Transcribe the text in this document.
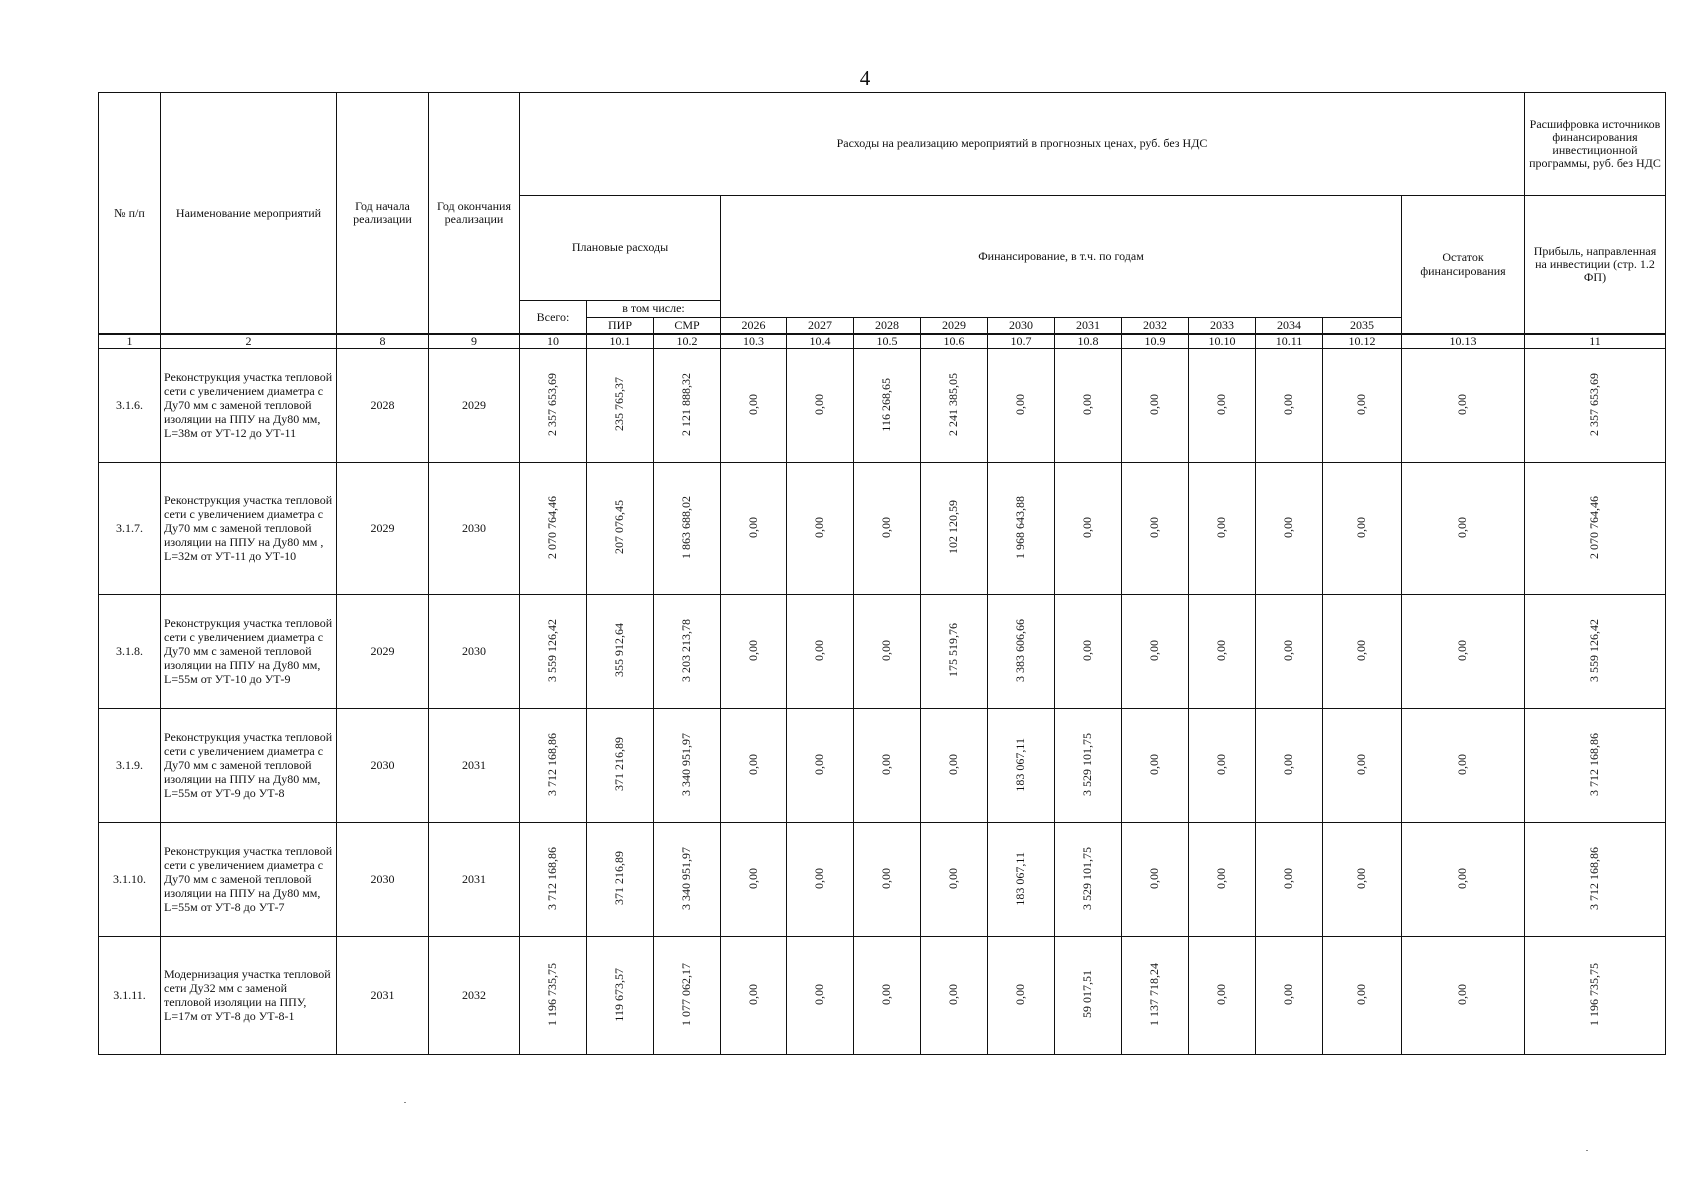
4
№ п/п	Наименование мероприятий	Год начала реализации	Год окончания реализации	Расходы на реализацию мероприятий в прогнозных ценах, руб. без НДС														Расшифровка источников финансирования инвестиционной программы, руб. без НДС
				Плановые расходы			Финансирование, в т.ч. по годам										Остаток финансирования	Прибыль, направленная на инвестиции (стр. 1.2 ФП)
				Всего:	в том числе:													
					ПИР	СМР	2026	2027	2028	2029	2030	2031	2032	2033	2034	2035		
1	2	8	9	10	10.1	10.2	10.3	10.4	10.5	10.6	10.7	10.8	10.9	10.10	10.11	10.12	10.13	11
3.1.6.	Реконструкция участка тепловой сети с увеличением диаметра с Ду70 мм с заменой тепловой изоляции на ППУ на Ду80 мм, L=38м от УТ-12 до УТ-11	2028	2029	2 357 653,69	235 765,37	2 121 888,32	0,00	0,00	116 268,65	2 241 385,05	0,00	0,00	0,00	0,00	0,00	0,00	0,00	2 357 653,69
3.1.7.	Реконструкция участка тепловой сети с увеличением диаметра с Ду70 мм с заменой тепловой изоляции на ППУ на Ду80 мм , L=32м от УТ-11 до УТ-10	2029	2030	2 070 764,46	207 076,45	1 863 688,02	0,00	0,00	0,00	102 120,59	1 968 643,88	0,00	0,00	0,00	0,00	0,00	0,00	2 070 764,46
3.1.8.	Реконструкция участка тепловой сети с увеличением диаметра с Ду70 мм с заменой тепловой изоляции на ППУ на Ду80 мм, L=55м от УТ-10 до УТ-9	2029	2030	3 559 126,42	355 912,64	3 203 213,78	0,00	0,00	0,00	175 519,76	3 383 606,66	0,00	0,00	0,00	0,00	0,00	0,00	3 559 126,42
3.1.9.	Реконструкция участка тепловой сети с увеличением диаметра с Ду70 мм с заменой тепловой изоляции на ППУ на Ду80 мм, L=55м от УТ-9 до УТ-8	2030	2031	3 712 168,86	371 216,89	3 340 951,97	0,00	0,00	0,00	0,00	183 067,11	3 529 101,75	0,00	0,00	0,00	0,00	0,00	3 712 168,86
3.1.10.	Реконструкция участка тепловой сети с увеличением диаметра с Ду70 мм с заменой тепловой изоляции на ППУ на Ду80 мм, L=55м от УТ-8 до УТ-7	2030	2031	3 712 168,86	371 216,89	3 340 951,97	0,00	0,00	0,00	0,00	183 067,11	3 529 101,75	0,00	0,00	0,00	0,00	0,00	3 712 168,86
3.1.11.	Модернизация участка тепловой сети Ду32 мм с заменой тепловой изоляции на ППУ, L=17м от УТ-8 до УТ-8-1	2031	2032	1 196 735,75	119 673,57	1 077 062,17	0,00	0,00	0,00	0,00	0,00	59 017,51	1 137 718,24	0,00	0,00	0,00	0,00	1 196 735,75
